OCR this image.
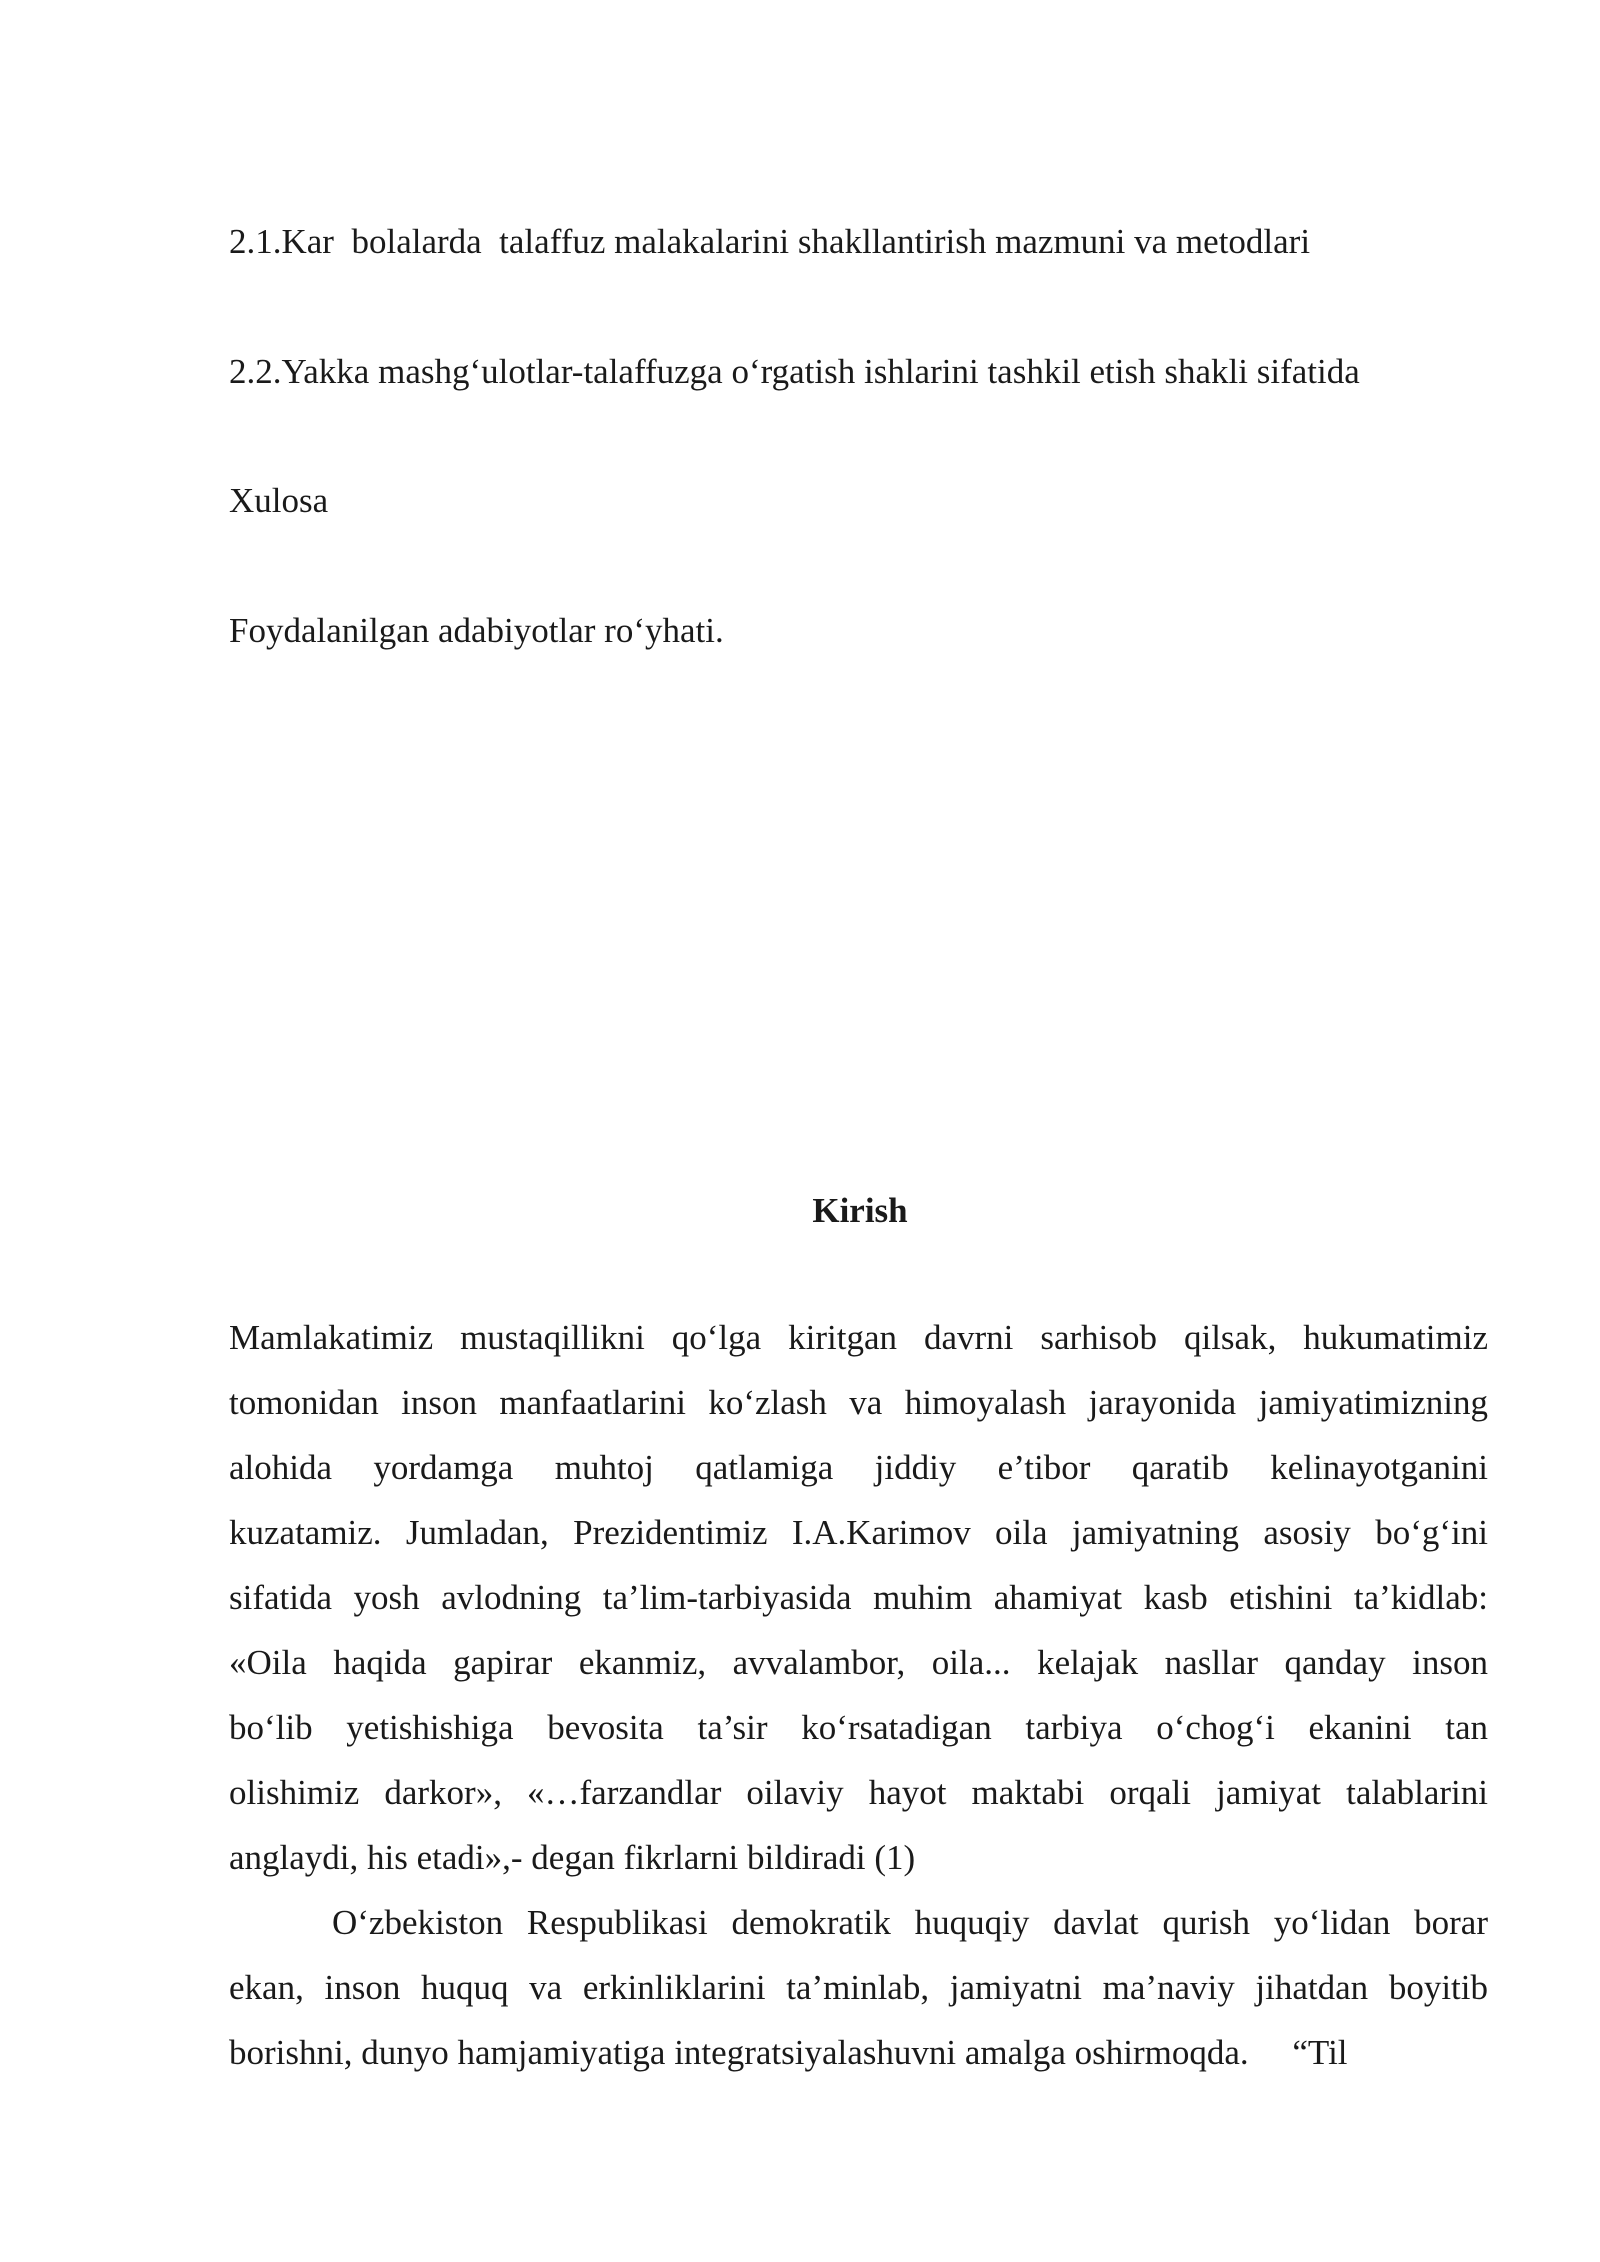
2.1.Kar  bolalarda  talaffuz malakalarini shakllantirish mazmuni va metodlari
2.2.Yakka mashg‘ulotlar-talaffuzga o‘rgatish ishlarini tashkil etish shakli sifatida
Xulosa
Foydalanilgan adabiyotlar ro‘yhati.
Kirish
Mamlakatimiz mustaqillikni qo‘lga kiritgan davrni sarhisob qilsak, hukumatimiz
tomonidan inson manfaatlarini ko‘zlash va himoyalash jarayonida jamiyatimizning
alohida yordamga muhtoj qatlamiga jiddiy e’tibor qaratib kelinayotganini
kuzatamiz. Jumladan, Prezidentimiz I.A.Karimov oila jamiyatning asosiy bo‘g‘ini
sifatida yosh avlodning ta’lim-tarbiyasida muhim ahamiyat kasb etishini ta’kidlab:
«Oila haqida gapirar ekanmiz, avvalambor, oila... kelajak nasllar qanday inson
bo‘lib yetishishiga bevosita ta’sir ko‘rsatadigan tarbiya o‘chog‘i ekanini tan
olishimiz darkor», «…farzandlar oilaviy hayot maktabi orqali jamiyat talablarini
anglaydi, his etadi»,- degan fikrlarni bildiradi (1)
O‘zbekiston Respublikasi demokratik huquqiy davlat qurish yo‘lidan borar
ekan, inson huquq va erkinliklarini ta’minlab, jamiyatni ma’naviy jihatdan boyitib
borishni, dunyo hamjamiyatiga integratsiyalashuvni amalga oshirmoqda.     “Til
